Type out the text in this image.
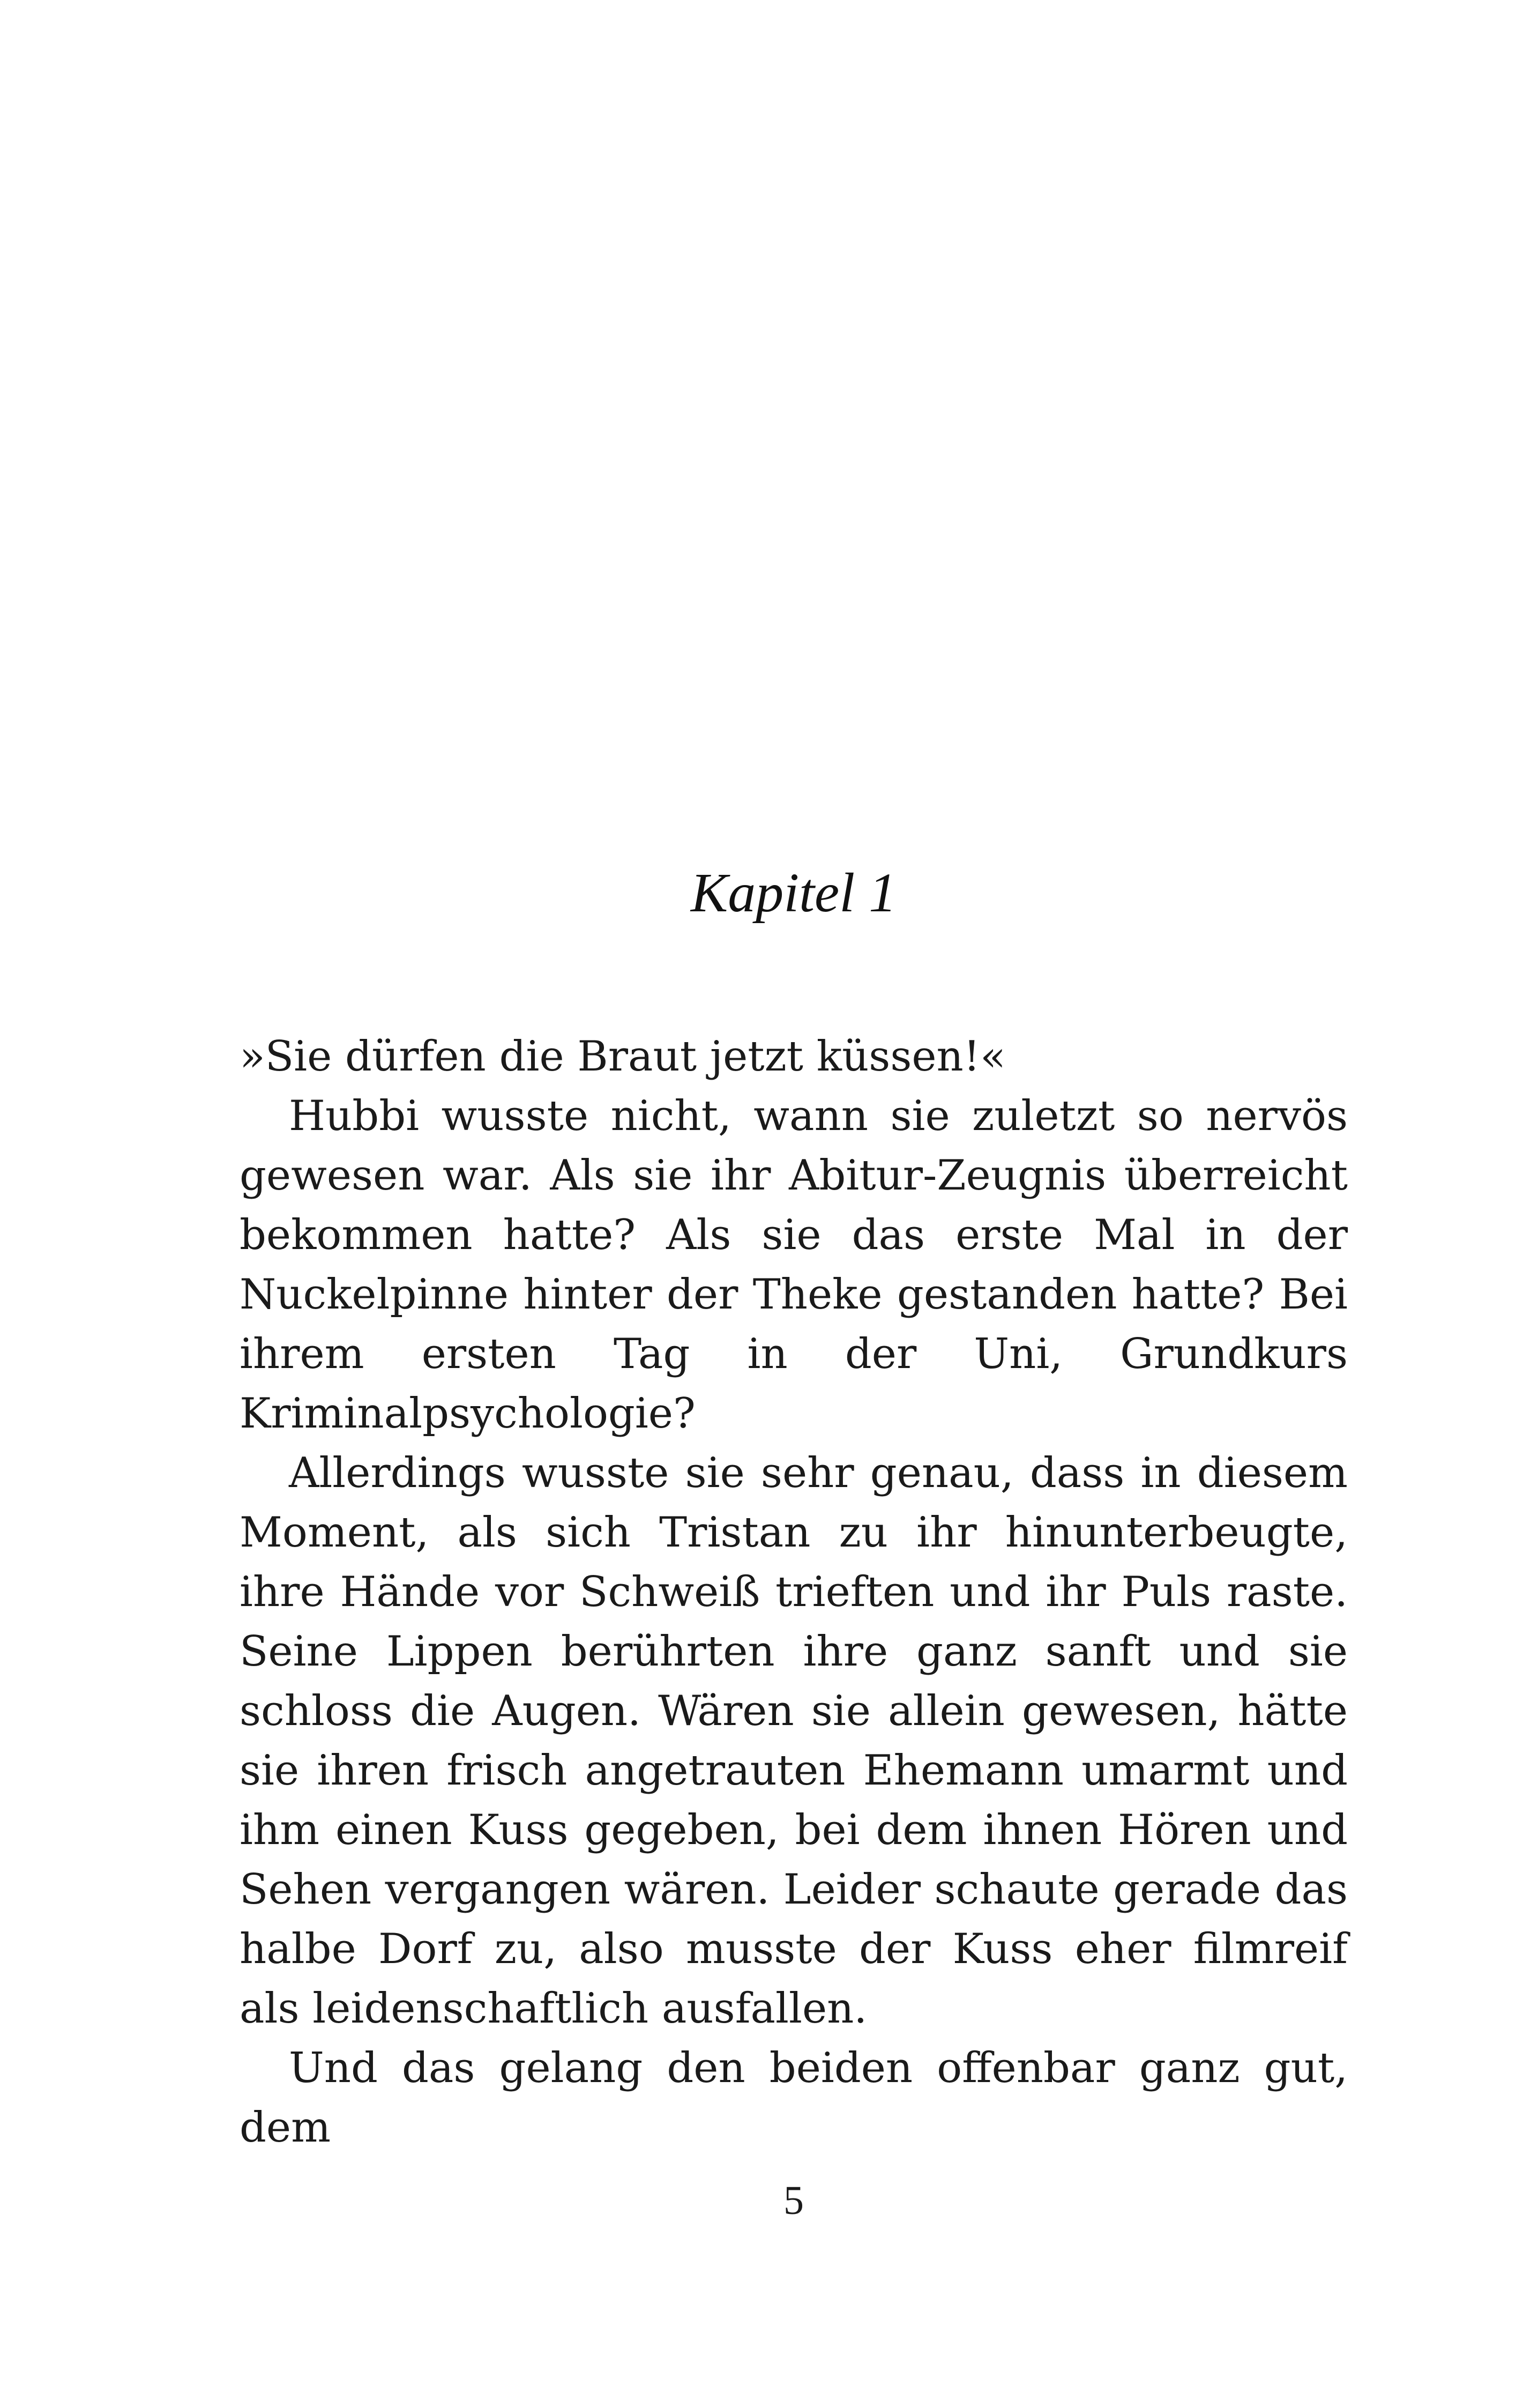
Kapitel 1

»Sie dürfen die Braut jetzt küssen!«

Hubbi wusste nicht, wann sie zuletzt so nervös gewesen war. Als sie ihr Abitur-Zeugnis überreicht bekommen hatte? Als sie das erste Mal in der Nuckelpinne hinter der Theke gestanden hatte? Bei ihrem ersten Tag in der Uni, Grundkurs Kriminalpsychologie?

Allerdings wusste sie sehr genau, dass in diesem Moment, als sich Tristan zu ihr hinunterbeugte, ihre Hände vor Schweiß trieften und ihr Puls raste. Seine Lippen berührten ihre ganz sanft und sie schloss die Augen. Wären sie allein gewesen, hätte sie ihren frisch angetrauten Ehemann umarmt und ihm einen Kuss gegeben, bei dem ihnen Hören und Sehen vergangen wären. Leider schaute gerade das halbe Dorf zu, also musste der Kuss eher filmreif als leidenschaftlich ausfallen.

Und das gelang den beiden offenbar ganz gut, dem

5
